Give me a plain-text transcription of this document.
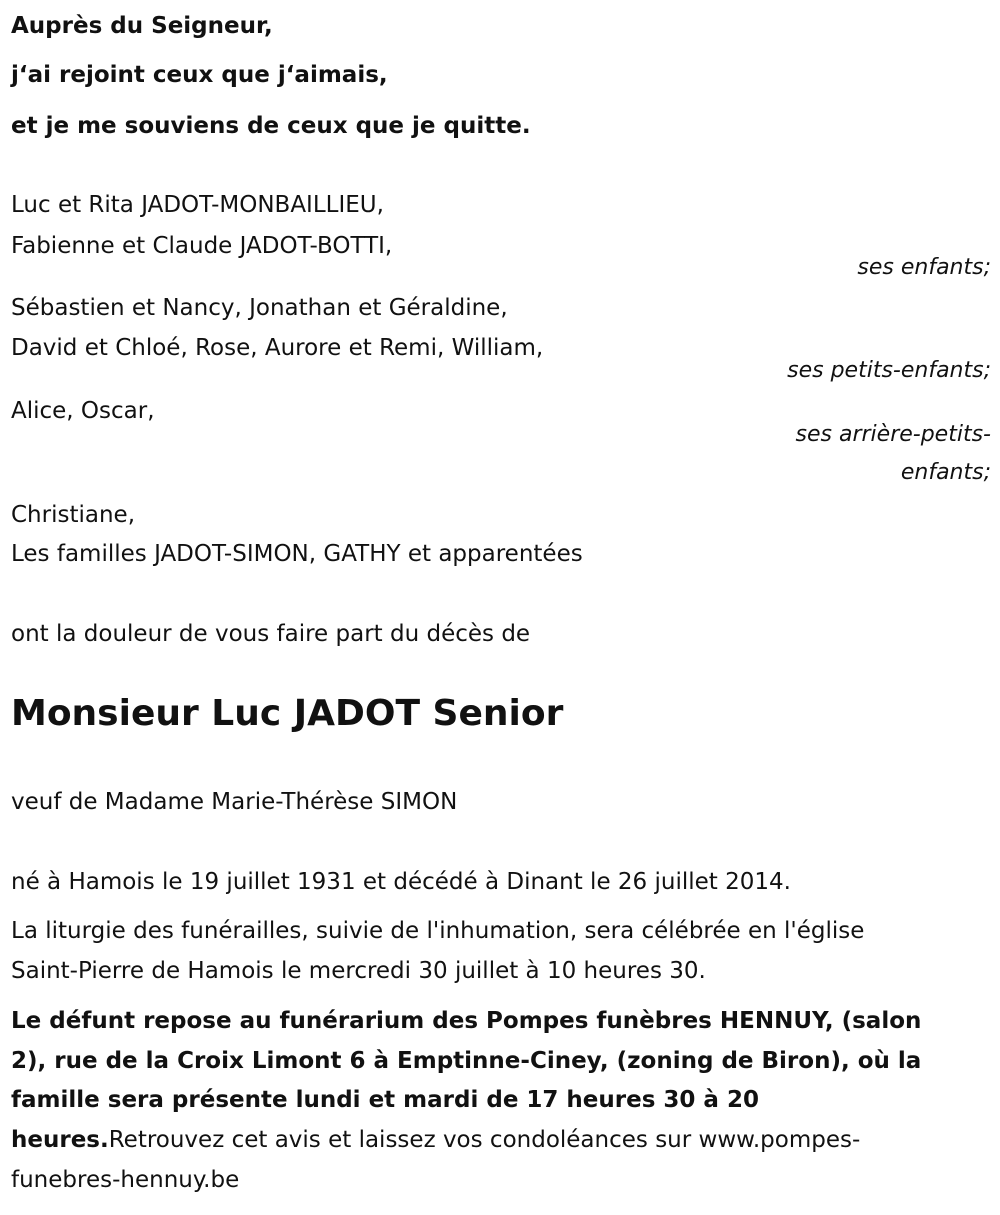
Auprès du Seigneur,
j‘ai rejoint ceux que j‘aimais,
et je me souviens de ceux que je quitte.
Luc et Rita JADOT-MONBAILLIEU,
Fabienne et Claude JADOT-BOTTI,
ses enfants;
Sébastien et Nancy, Jonathan et Géraldine,
David et Chloé, Rose, Aurore et Remi, William,
ses petits-enfants;
Alice, Oscar,
ses arrière-petits-
enfants;
Christiane,
Les familles JADOT-SIMON, GATHY et apparentées
ont la douleur de vous faire part du décès de
Monsieur Luc JADOT Senior
veuf de Madame Marie-Thérèse SIMON
né à Hamois le 19 juillet 1931 et décédé à Dinant le 26 juillet 2014.
La liturgie des funérailles, suivie de l'inhumation, sera célébrée en l'église
Saint-Pierre de Hamois le mercredi 30 juillet à 10 heures 30.
Le défunt repose au funérarium des Pompes funèbres HENNUY, (salon
2), rue de la Croix Limont 6 à Emptinne-Ciney, (zoning de Biron), où la
famille sera présente lundi et mardi de 17 heures 30 à 20
heures.Retrouvez cet avis et laissez vos condoléances sur www.pompes-
funebres-hennuy.be
